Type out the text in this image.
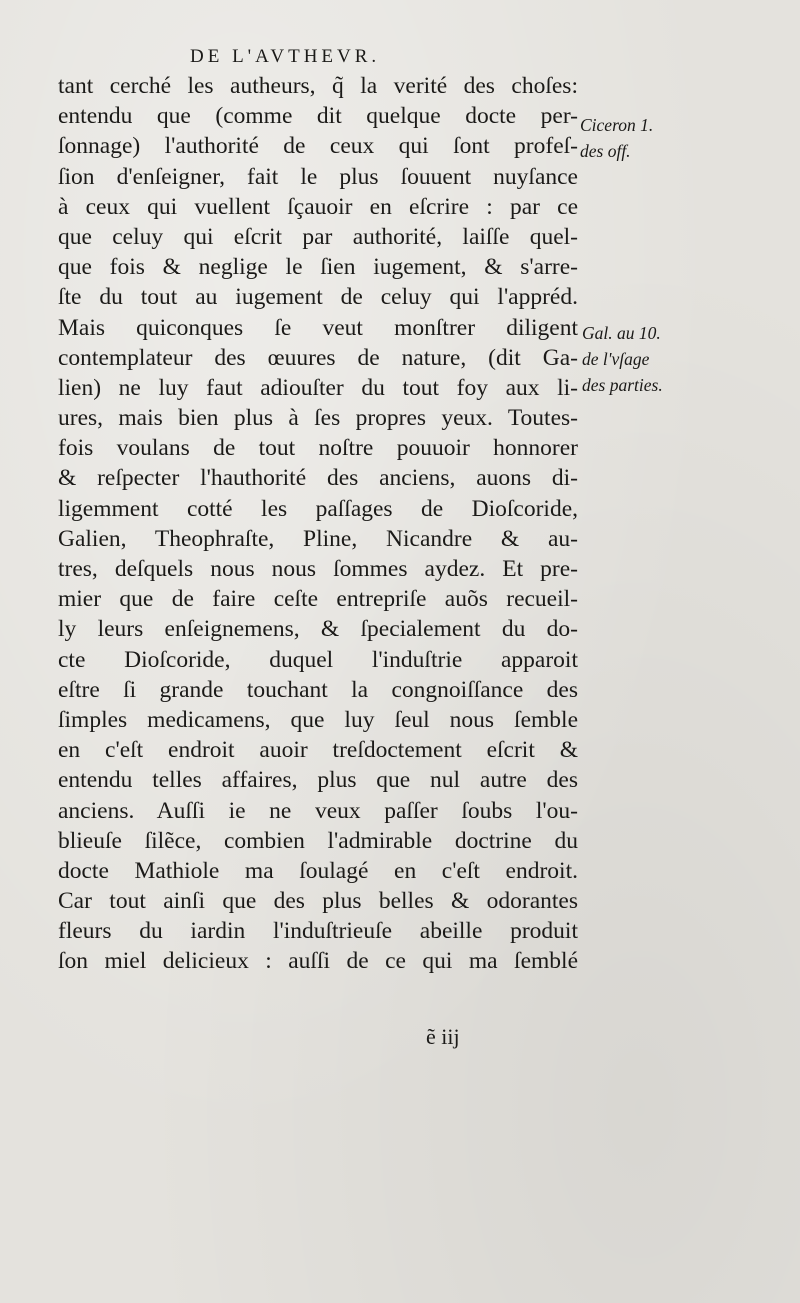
DE L'AVTHEVR.
tant cerché les autheurs, q̃ la verité des choſes:
entendu que (comme dit quelque docte per-
ſonnage) l'authorité de ceux qui ſont profeſ-
ſion d'enſeigner, fait le plus ſouuent nuyſance
à ceux qui vuellent ſçauoir en eſcrire : par ce
que celuy qui eſcrit par authorité, laiſſe quel-
que fois & neglige le ſien iugement, & s'arre-
ſte du tout au iugement de celuy qui l'appréd.
Mais quiconques ſe veut monſtrer diligent
contemplateur des œuures de nature, (dit Ga-
lien) ne luy faut adiouſter du tout foy aux li-
ures, mais bien plus à ſes propres yeux. Toutes-
fois voulans de tout noſtre pouuoir honnorer
& reſpecter l'hauthorité des anciens, auons di-
ligemment cotté les paſſages de Dioſcoride,
Galien, Theophraſte, Pline, Nicandre & au-
tres, deſquels nous nous ſommes aydez. Et pre-
mier que de faire ceſte entrepriſe auõs recueil-
ly leurs enſeignemens, & ſpecialement du do-
cte Dioſcoride, duquel l'induſtrie apparoit
eſtre ſi grande touchant la congnoiſſance des
ſimples medicamens, que luy ſeul nous ſemble
en c'eſt endroit auoir treſdoctement eſcrit &
entendu telles affaires, plus que nul autre des
anciens. Auſſi ie ne veux paſſer ſoubs l'ou-
blieuſe ſilẽce, combien l'admirable doctrine du
docte Mathiole ma ſoulagé en c'eſt endroit.
Car tout ainſi que des plus belles & odorantes
fleurs du iardin l'induſtrieuſe abeille produit
ſon miel delicieux : auſſi de ce qui ma ſemblé
Ciceron 1.
des off.
Gal. au 10.
de l'vſage
des parties.
ẽ iij
